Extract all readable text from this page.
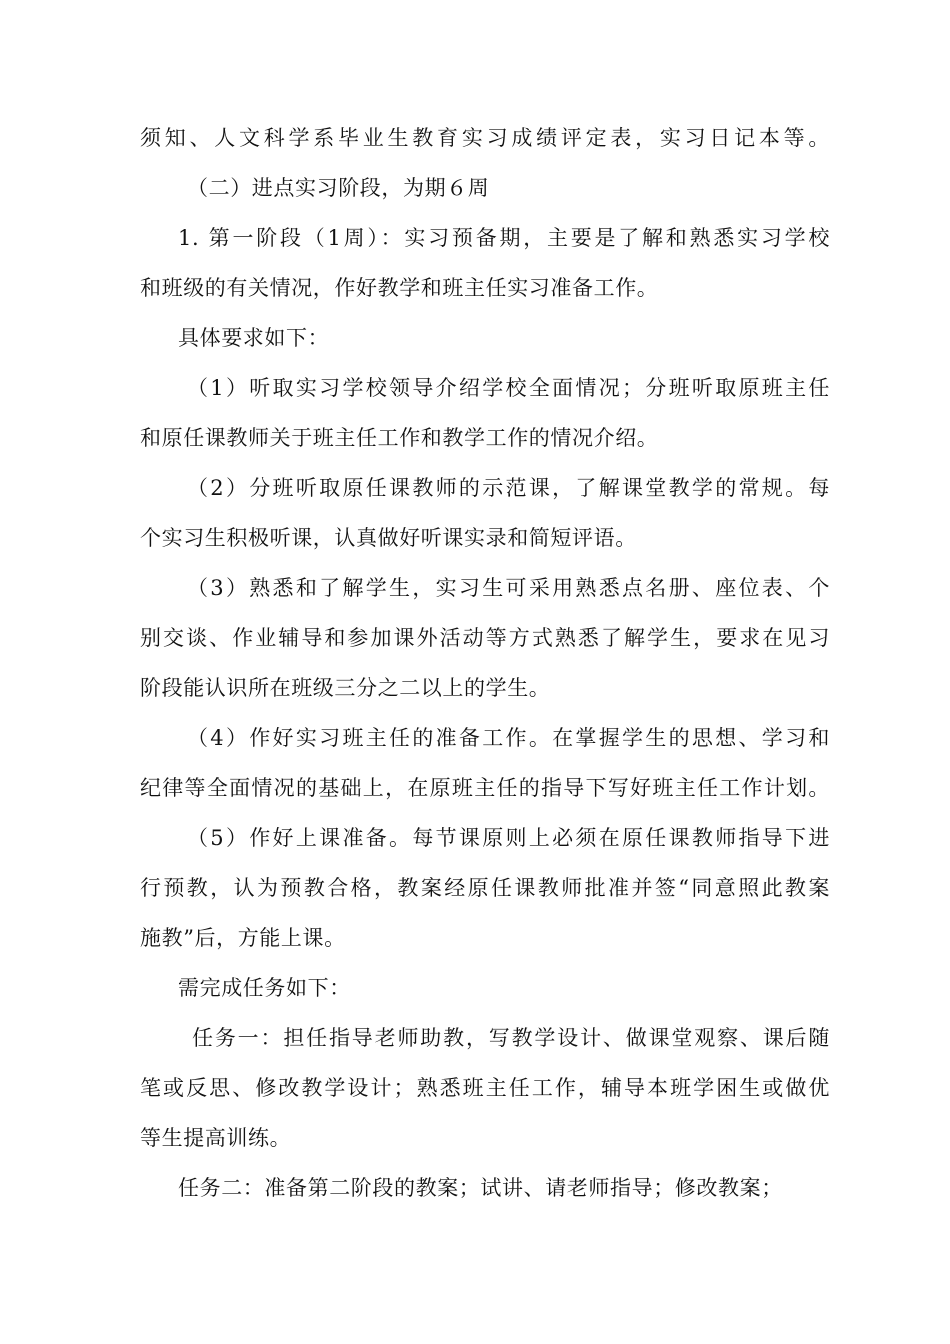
须知、人文科学系毕业生教育实习成绩评定表，实习日记本等。
（二）进点实习阶段，为期６周
1. 第一阶段（1周）：实习预备期，主要是了解和熟悉实习学校
和班级的有关情况，作好教学和班主任实习准备工作。
具体要求如下：
（1）听取实习学校领导介绍学校全面情况；分班听取原班主任
和原任课教师关于班主任工作和教学工作的情况介绍。
（2）分班听取原任课教师的示范课，了解课堂教学的常规。每
个实习生积极听课，认真做好听课实录和简短评语。
（3）熟悉和了解学生，实习生可采用熟悉点名册、座位表、个
别交谈、作业辅导和参加课外活动等方式熟悉了解学生，要求在见习
阶段能认识所在班级三分之二以上的学生。
（4）作好实习班主任的准备工作。在掌握学生的思想、学习和
纪律等全面情况的基础上，在原班主任的指导下写好班主任工作计划。
（5）作好上课准备。每节课原则上必须在原任课教师指导下进
行预教，认为预教合格，教案经原任课教师批准并签“同意照此教案
施教”后，方能上课。
需完成任务如下：
任务一：担任指导老师助教，写教学设计、做课堂观察、课后随
笔或反思、修改教学设计；熟悉班主任工作，辅导本班学困生或做优
等生提高训练。
任务二：准备第二阶段的教案；试讲、请老师指导；修改教案；
